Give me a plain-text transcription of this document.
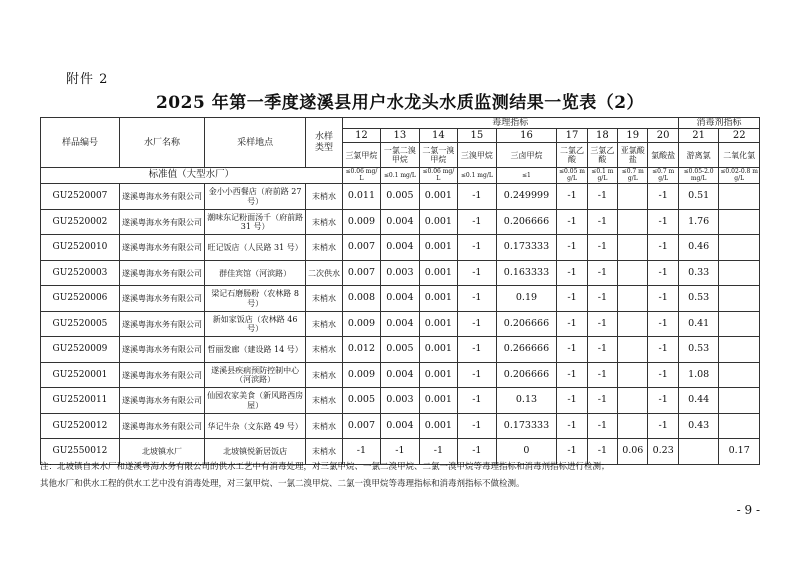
附件 2
2025 年第一季度遂溪县用户水龙头水质监测结果一览表（2）
样品编号	水厂名称	采样地点	水样类型	毒理指标									消毒剂指标	
				12	13	14	15	16	17	18	19	20	21	22
				三氯甲烷	一氯二溴甲烷	二氯一溴甲烷	三溴甲烷	三卤甲烷	二氯乙酸	三氯乙酸	亚氯酸盐	氯酸盐	游离氯	二氧化氯
标准值（大型水厂）				≤0.06 mg/L	≤0.1 mg/L	≤0.06 mg/L	≤0.1 mg/L	≤1	≤0.05 mg/L	≤0.1 mg/L	≤0.7 mg/L	≤0.7 mg/L	≤0.05-2.0 mg/L	≤0.02-0.8 mg/L
GU2520007	遂溪粤海水务有限公司	金小小西餐店（府前路 27 号）	末梢水	0.011	0.005	0.001	-1	0.249999	-1	-1		-1	0.51	
GU2520002	遂溪粤海水务有限公司	潮味东记粉面汤千（府前路 31 号）	末梢水	0.009	0.004	0.001	-1	0.206666	-1	-1		-1	1.76	
GU2520010	遂溪粤海水务有限公司	旺记饭店（人民路 31 号）	末梢水	0.007	0.004	0.001	-1	0.173333	-1	-1		-1	0.46	
GU2520003	遂溪粤海水务有限公司	群佳宾馆（河滨路）	二次供水	0.007	0.003	0.001	-1	0.163333	-1	-1		-1	0.33	
GU2520006	遂溪粤海水务有限公司	梁记石磨肠粉（农林路 8 号）	末梢水	0.008	0.004	0.001	-1	0.19	-1	-1		-1	0.53	
GU2520005	遂溪粤海水务有限公司	新如家饭店（农林路 46 号）	末梢水	0.009	0.004	0.001	-1	0.206666	-1	-1		-1	0.41	
GU2520009	遂溪粤海水务有限公司	哲丽发廊（建设路 14 号）	末梢水	0.012	0.005	0.001	-1	0.266666	-1	-1		-1	0.53	
GU2520001	遂溪粤海水务有限公司	遂溪县疾病预防控制中心（河滨路）	末梢水	0.009	0.004	0.001	-1	0.206666	-1	-1		-1	1.08	
GU2520011	遂溪粤海水务有限公司	仙园农家美食（新风路西房屋）	末梢水	0.005	0.003	0.001	-1	0.13	-1	-1		-1	0.44	
GU2520012	遂溪粤海水务有限公司	华记牛杂（文东路 49 号）	末梢水	0.007	0.004	0.001	-1	0.173333	-1	-1		-1	0.43	
GU2550012	北坡镇水厂	北坡镇悦新居饭店	末梢水	-1	-1	-1	-1	0	-1	-1	0.06	0.23		0.17
注：北坡镇自来水厂和遂溪粤海水务有限公司的供水工艺中有消毒处理，对三氯甲烷、一氯二溴甲烷、二氯一溴甲烷等毒理指标和消毒剂指标进行检测；
其他水厂和供水工程的供水工艺中没有消毒处理，对三氯甲烷、一氯二溴甲烷、二氯一溴甲烷等毒理指标和消毒剂指标不做检测。
- 9 -
